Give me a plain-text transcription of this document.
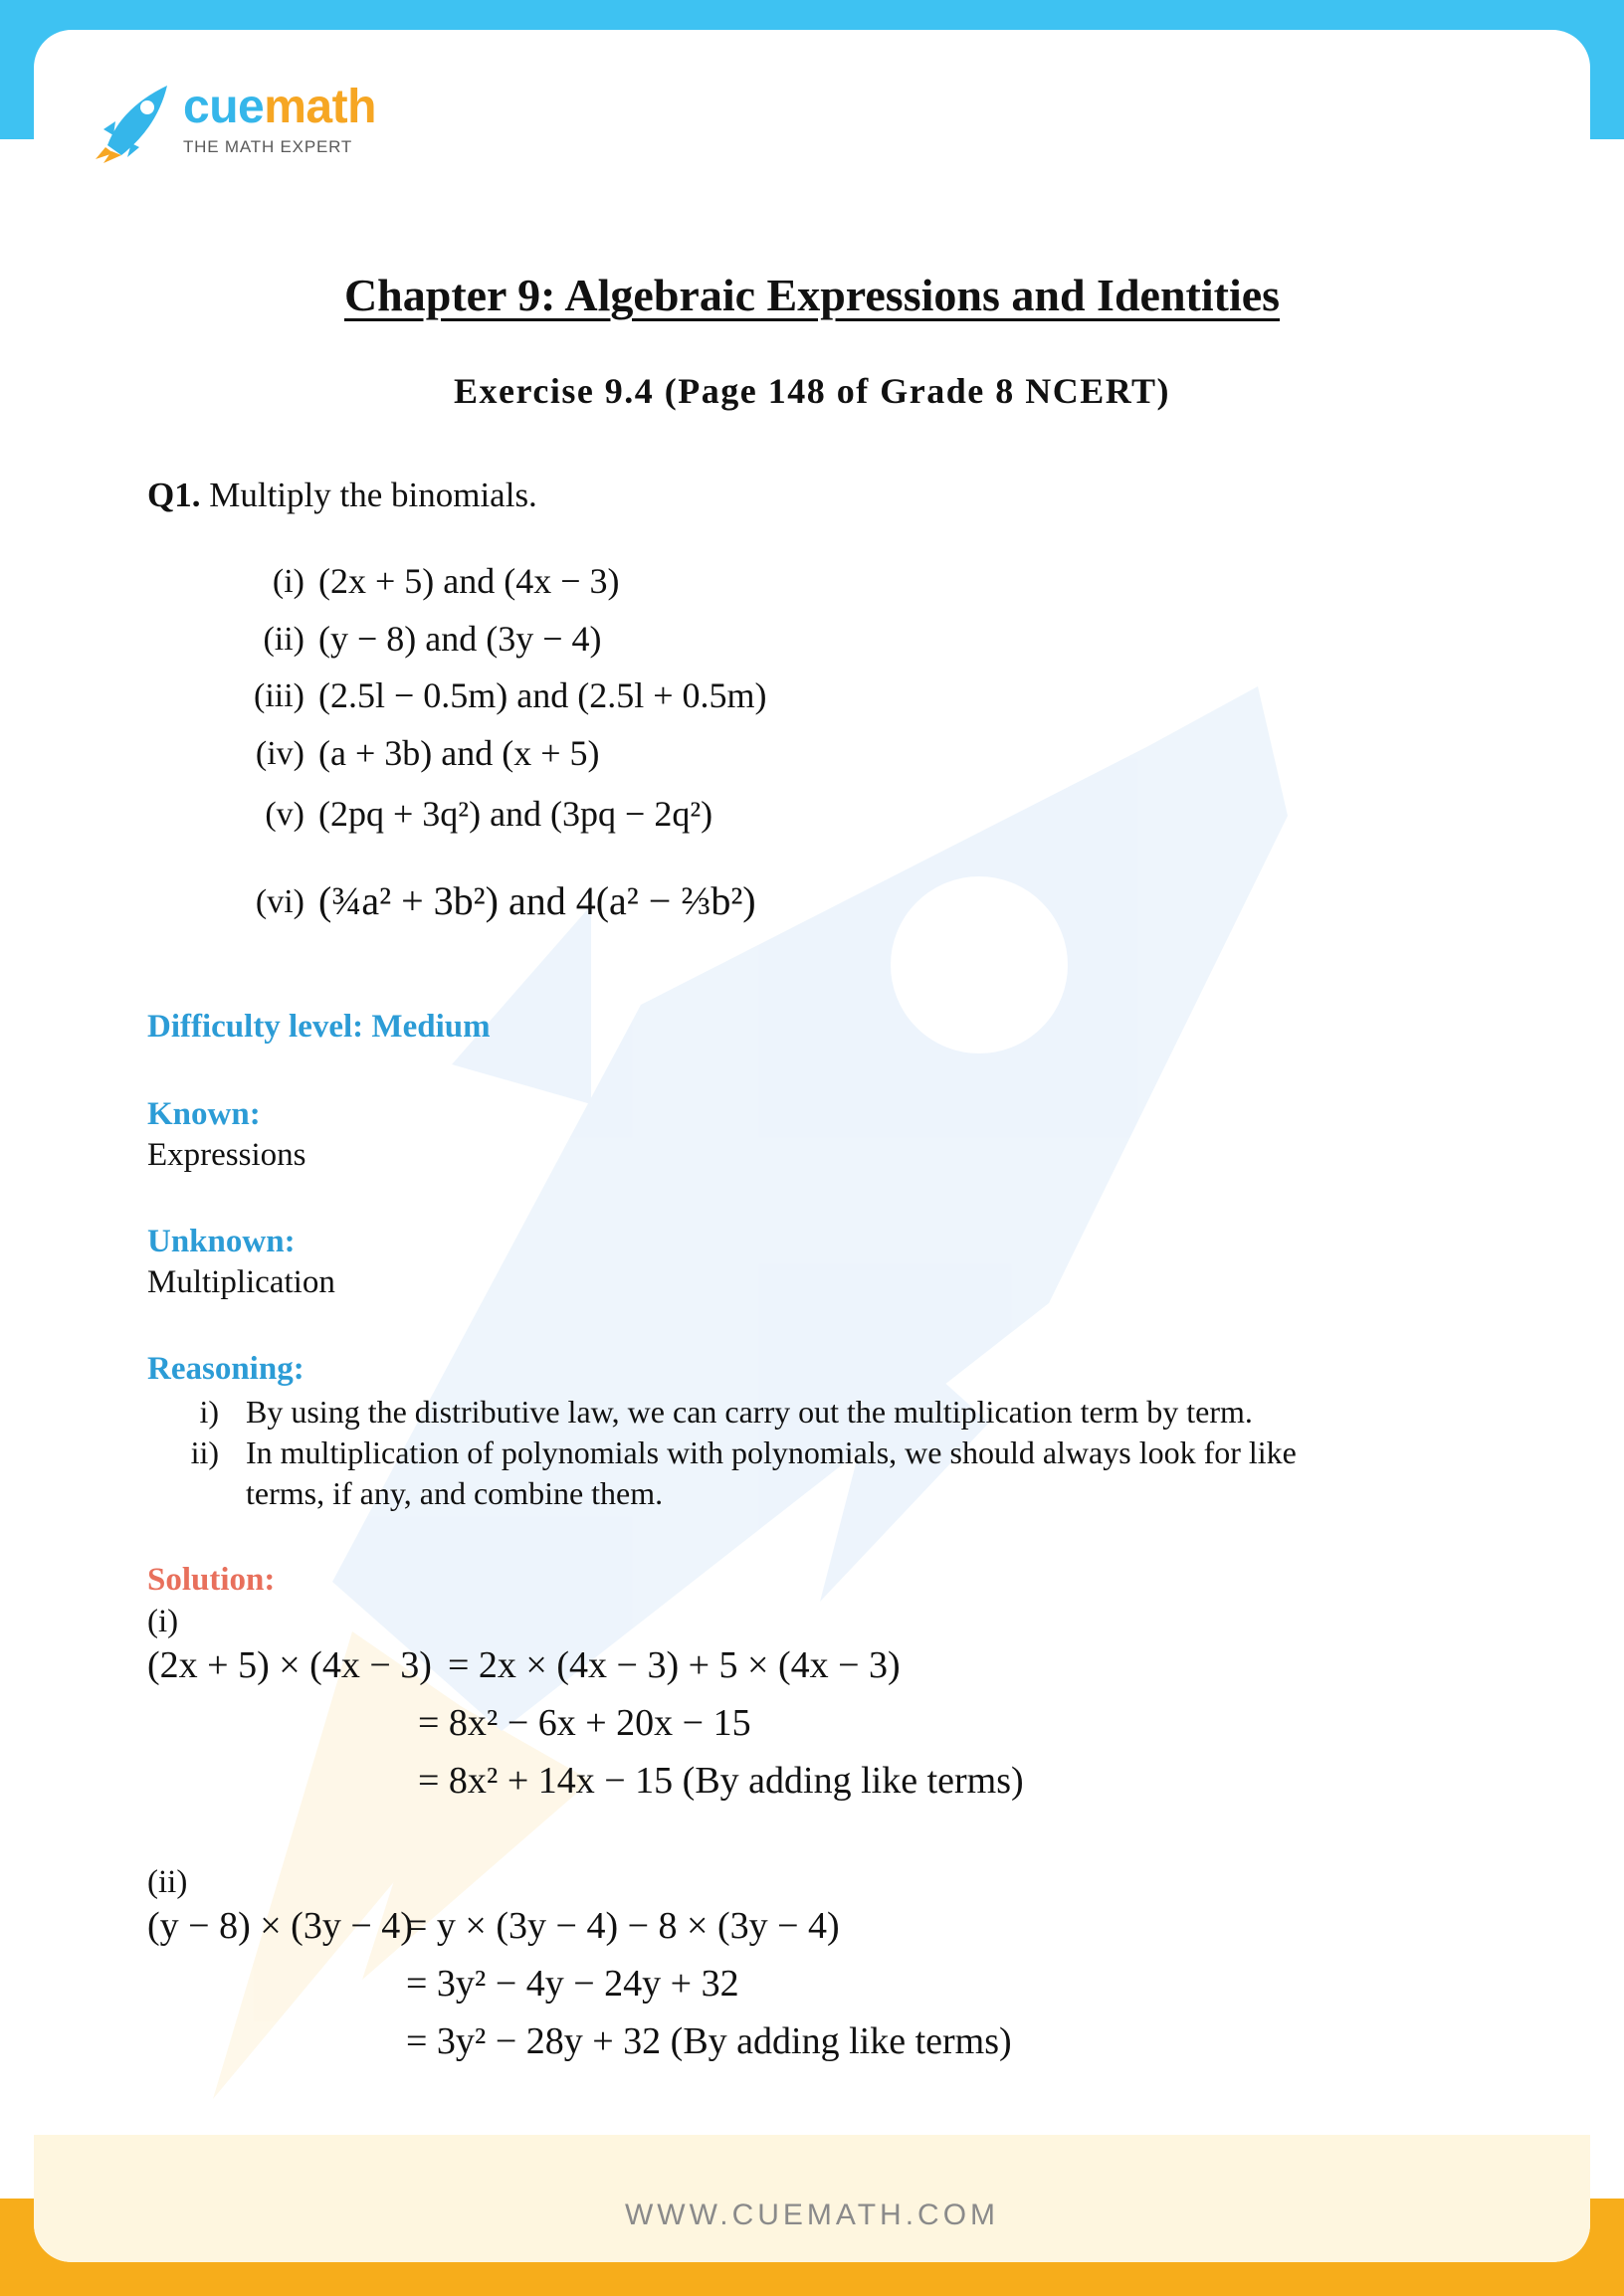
WWW.CUEMATH.COM
cuemath
THE MATH EXPERT
Chapter 9: Algebraic Expressions and Identities
Exercise 9.4 (Page 148 of Grade 8 NCERT)
Q1. Multiply the binomials.
(i) (2x + 5) and (4x − 3)
(ii) (y − 8) and (3y − 4)
(iii) (2.5l − 0.5m) and (2.5l + 0.5m)
(iv) (a + 3b) and (x + 5)
(v) (2pq + 3q²) and (3pq − 2q²)
(vi) (¾a² + 3b²) and 4(a² − ⅔b²)
Difficulty level: Medium
Known:
Expressions
Unknown:
Multiplication
Reasoning:
i) By using the distributive law, we can carry out the multiplication term by term.
ii) In multiplication of polynomials with polynomials, we should always look for like
terms, if any, and combine them.
Solution:
(i)
(2x + 5) × (4x − 3) = 2x × (4x − 3) + 5 × (4x − 3)
= 8x² − 6x + 20x − 15
= 8x² + 14x − 15 (By adding like terms)
(ii)
(y − 8) × (3y − 4)
= y × (3y − 4) − 8 × (3y − 4)
= 3y² − 4y − 24y + 32
= 3y² − 28y + 32 (By adding like terms)
